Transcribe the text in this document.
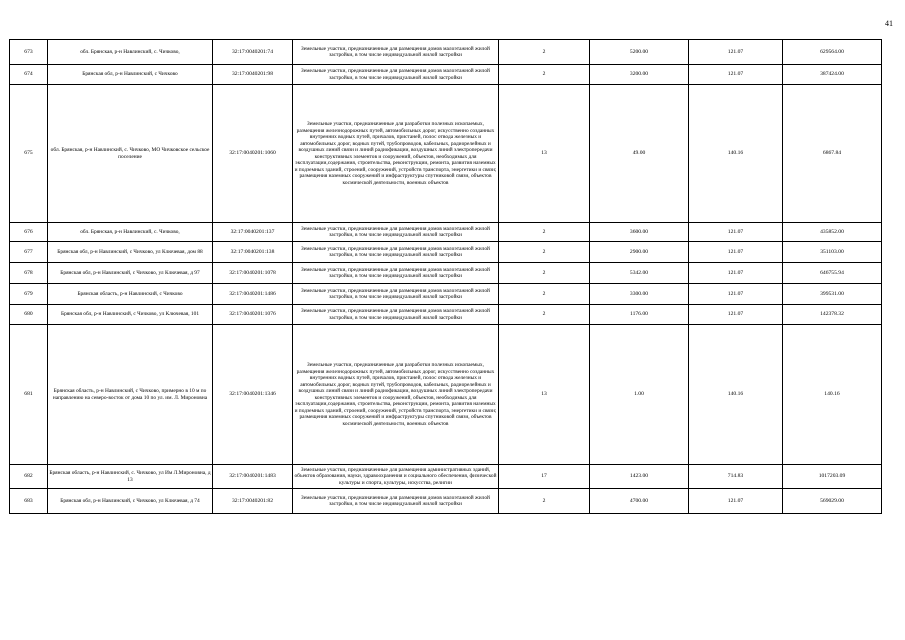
41
673	обл. Брянская, р-н Навлинский, с. Чичково,	32:17:0040201:74	Земельные участки, предназначенные для размещения домов малоэтажной жилой застройки, в том числе индивидуальной жилой застройки	2	5200.00	121.07	629564.00
674	Брянская обл, р-н Навлинский, с Чичково	32:17:0040201:98	Земельные участки, предназначенные для размещения домов малоэтажной жилой застройки, в том числе индивидуальной жилой застройки	2	3200.00	121.07	387424.00
675	обл. Брянская, р-н Навлинский, с. Чичково, МО Чичковское сельское поселение	32:17:0040201:1060	Земельные участки, предназначенные для разработки полезных ископаемых, размещения железнодорожных путей, автомобильных дорог, искусственно созданных внутренних водных путей, причалов, пристаней, полос отвода железных и автомобильных дорог, водных путей, трубопроводов, кабельных, радиорелейных и воздушных линий связи и линий радиофикации, воздушных линий электропередачи конструктивных элементов и сооружений, объектов, необходимых для эксплуатации,содержания, строительства, реконструкции, ремонта, развития наземных и подземных зданий, строений, сооружений, устройств транспорта, энергетики и связи; размещения наземных сооружений и инфраструктуры спутниковой связи, объектов космической деятельности, военных объектов	13	49.00	140.16	6867.84
676	обл. Брянская, р-н Навлинский, с. Чичково,	32:17:0040201:137	Земельные участки, предназначенные для размещения домов малоэтажной жилой застройки, в том числе индивидуальной жилой застройки	2	3600.00	121.07	435852.00
677	Брянская обл, р-н Навлинский, с Чичково, ул Ключевая, дом 88	32:17:0040201:138	Земельные участки, предназначенные для размещения домов малоэтажной жилой застройки, в том числе индивидуальной жилой застройки	2	2900.00	121.07	351103.00
678	Брянская обл, р-н Навлинский, с Чичково, ул Ключевая, д 97	32:17:0040201:1078	Земельные участки, предназначенные для размещения домов малоэтажной жилой застройки, в том числе индивидуальной жилой застройки	2	5342.00	121.07	646755.94
679	Брянская область, р-н Навлинский, с Чичково	32:17:0040201:1486	Земельные участки, предназначенные для размещения домов малоэтажной жилой застройки, в том числе индивидуальной жилой застройки	2	3300.00	121.07	399531.00
680	Брянская обл, р-н Навлинский, с Чичково, ул Ключевая, 101	32:17:0040201:1076	Земельные участки, предназначенные для размещения домов малоэтажной жилой застройки, в том числе индивидуальной жилой застройки	2	1176.00	121.07	142378.32
681	Брянская область, р-н Навлинский, с Чичково, примерно в 10 м по направлению на северо-восток от дома 10 по ул. им. Л. Мироновна	32:17:0040201:1346	Земельные участки, предназначенные для разработки полезных ископаемых, размещения железнодорожных путей, автомобильных дорог, искусственно созданных внутренних водных путей, причалов, пристаней, полос отвода железных и автомобильных дорог, водных путей, трубопроводов, кабельных, радиорелейных и воздушных линий связи и линий радиофикации, воздушных линий электропередачи конструктивных элементов и сооружений, объектов, необходимых для эксплуатации,содержания, строительства, реконструкции, ремонта, развития наземных и подземных зданий, строений, сооружений, устройств транспорта, энергетики и связи; размещения наземных сооружений и инфраструктуры спутниковой связи, объектов космической деятельности, военных объектов	13	1.00	140.16	140.16
682	Брянская область, р-н Навлинский, с. Чичково, ул Им Л.Мироновна, д 13	32:17:0040201:1483	Земельные участки, предназначенные для размещения административных зданий, объектов образования, науки, здравоохранения и социального обеспечения, физической культуры и спорта, культуры, искусства, религии	17	1423.00	714.83	1017203.09
683	Брянская обл, р-н Навлинский, с Чичково, ул Ключевая, д 74	32:17:0040201:82	Земельные участки, предназначенные для размещения домов малоэтажной жилой застройки, в том числе индивидуальной жилой застройки	2	4700.00	121.07	569029.00
